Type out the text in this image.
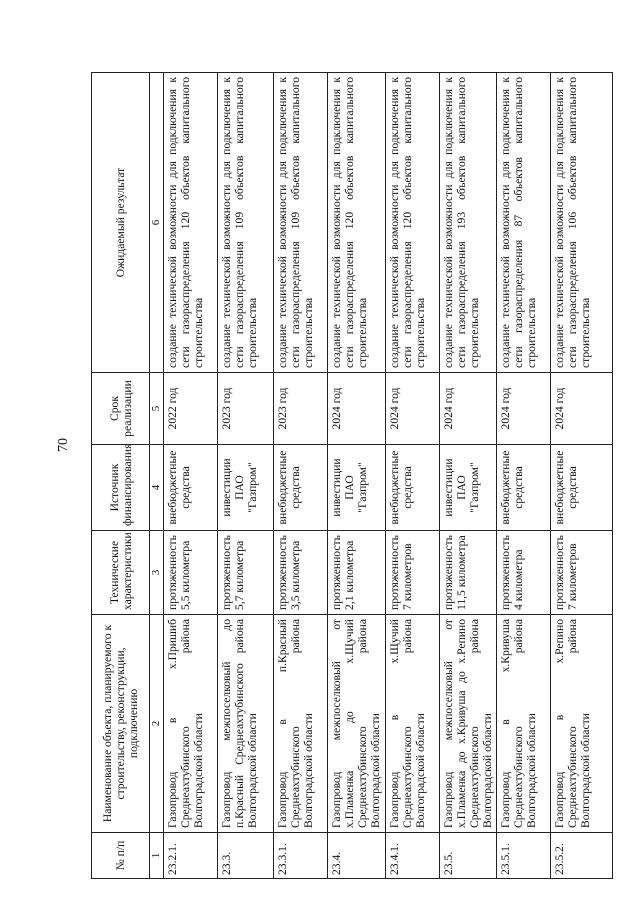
70
№ п/п	Наименование объекта, планируемого к строительству, реконструкции, подключению	Технические характеристики	Источник финансирования	Срок реализации	Ожидаемый результат
1	2	3	4	5	6
23.2.1.	Газопровод в х.Пришиб Среднеахтубинского района Волгоградской области	протяженность 5,5 километра	внебюджетные средства	2022 год	создание технической возможности для подключения к сети газораспределения 120 объектов капитального строительства
23.3.	Газопровод межпоселковый до п.Красный Среднеахтубинского района Волгоградской области	протяженность 5,7 километра	инвестиции ПАО "Газпром"	2023 год	создание технической возможности для подключения к сети газораспределения 109 объектов капитального строительства
23.3.1.	Газопровод в п.Красный Среднеахтубинского района Волгоградской области	протяженность 3,5 километра	внебюджетные средства	2023 год	создание технической возможности для подключения к сети газораспределения 109 объектов капитального строительства
23.4.	Газопровод межпоселковый от х.Пламенка до х.Щучий Среднеахтубинского района Волгоградской области	протяженность 2,1 километра	инвестиции ПАО "Газпром"	2024 год	создание технической возможности для подключения к сети газораспределения 120 объектов капитального строительства
23.4.1.	Газопровод в х.Щучий Среднеахтубинского района Волгоградской области	протяженность 7 километров	внебюджетные средства	2024 год	создание технической возможности для подключения к сети газораспределения 120 объектов капитального строительства
23.5.	Газопровод межпоселковый от х.Пламенка до х.Кривуша до х.Репино Среднеахтубинского района Волгоградской области	протяженность 11,5 километра	инвестиции ПАО "Газпром"	2024 год	создание технической возможности для подключения к сети газораспределения 193 объектов капитального строительства
23.5.1.	Газопровод в х.Кривуша Среднеахтубинского района Волгоградской области	протяженность 4 километра	внебюджетные средства	2024 год	создание технической возможности для подключения к сети газораспределения 87 объектов капитального строительства
23.5.2.	Газопровод в х.Репино Среднеахтубинского района Волгоградской области	протяженность 7 километров	внебюджетные средства	2024 год	создание технической возможности для подключения к сети газораспределения 106 объектов капитального строительства
